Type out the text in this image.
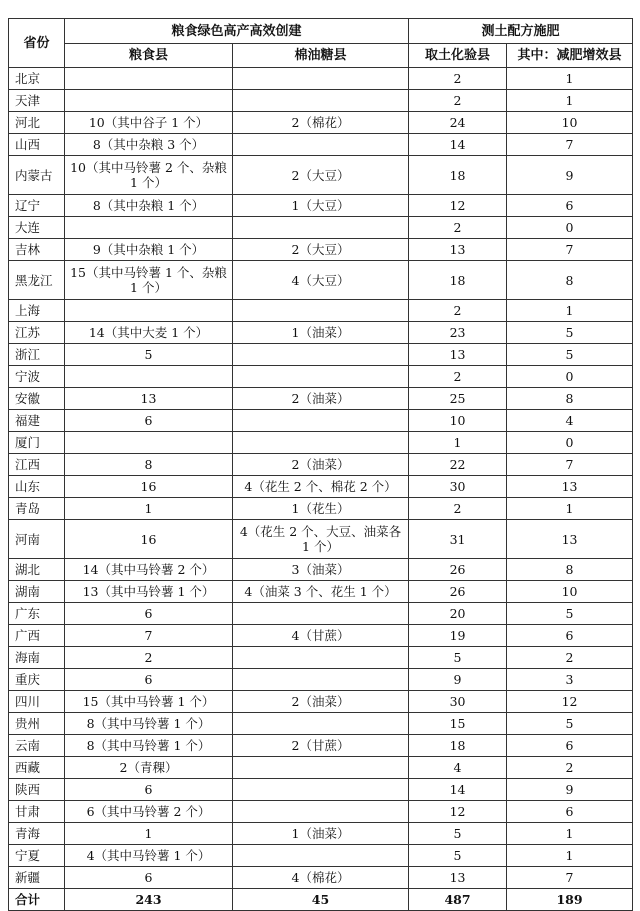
省份	粮食绿色高产高效创建		测土配方施肥	
	粮食县	棉油糖县	取土化验县	其中：减肥增效县
北京			2	1
天津			2	1
河北	10（其中谷子 1 个）	2（棉花）	24	10
山西	8（其中杂粮 3 个）		14	7
内蒙古	10（其中马铃薯 2 个、杂粮 1 个）	2（大豆）	18	9
辽宁	8（其中杂粮 1 个）	1（大豆）	12	6
大连			2	0
吉林	9（其中杂粮 1 个）	2（大豆）	13	7
黑龙江	15（其中马铃薯 1 个、杂粮 1 个）	4（大豆）	18	8
上海			2	1
江苏	14（其中大麦 1 个）	1（油菜）	23	5
浙江	5		13	5
宁波			2	0
安徽	13	2（油菜）	25	8
福建	6		10	4
厦门			1	0
江西	8	2（油菜）	22	7
山东	16	4（花生 2 个、棉花 2 个）	30	13
青岛	1	1（花生）	2	1
河南	16	4（花生 2 个、大豆、油菜各 1 个）	31	13
湖北	14（其中马铃薯 2 个）	3（油菜）	26	8
湖南	13（其中马铃薯 1 个）	4（油菜 3 个、花生 1 个）	26	10
广东	6		20	5
广西	7	4（甘蔗）	19	6
海南	2		5	2
重庆	6		9	3
四川	15（其中马铃薯 1 个）	2（油菜）	30	12
贵州	8（其中马铃薯 1 个）		15	5
云南	8（其中马铃薯 1 个）	2（甘蔗）	18	6
西藏	2（青稞）		4	2
陕西	6		14	9
甘肃	6（其中马铃薯 2 个）		12	6
青海	1	1（油菜）	5	1
宁夏	4（其中马铃薯 1 个）		5	1
新疆	6	4（棉花）	13	7
合计	243	45	487	189
